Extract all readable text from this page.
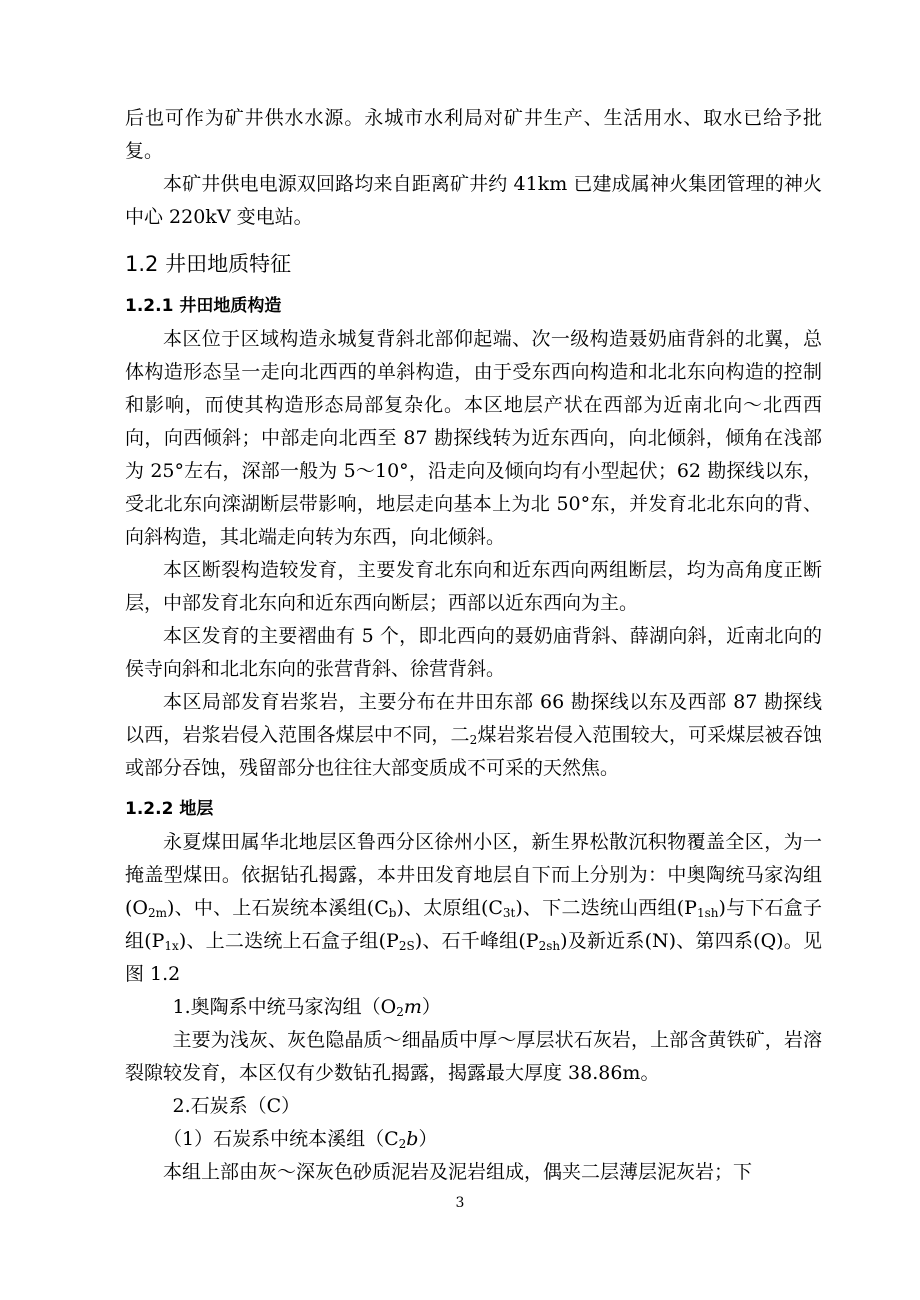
后也可作为矿井供水水源。永城市水利局对矿井生产、生活用水、取水已给予批复。

本矿井供电电源双回路均来自距离矿井约 41km 已建成属神火集团管理的神火中心 220kV 变电站。

1.2 井田地质特征
1.2.1 井田地质构造

本区位于区域构造永城复背斜北部仰起端、次一级构造聂奶庙背斜的北翼，总体构造形态呈一走向北西西的单斜构造，由于受东西向构造和北北东向构造的控制和影响，而使其构造形态局部复杂化。本区地层产状在西部为近南北向～北西西向，向西倾斜；中部走向北西至 87 勘探线转为近东西向，向北倾斜，倾角在浅部为 25°左右，深部一般为 5～10°，沿走向及倾向均有小型起伏；62 勘探线以东，受北北东向滦湖断层带影响，地层走向基本上为北 50°东，并发育北北东向的背、向斜构造，其北端走向转为东西，向北倾斜。

本区断裂构造较发育，主要发育北东向和近东西向两组断层，均为高角度正断层，中部发育北东向和近东西向断层；西部以近东西向为主。

本区发育的主要褶曲有 5 个，即北西向的聂奶庙背斜、薛湖向斜，近南北向的侯寺向斜和北北东向的张营背斜、徐营背斜。

本区局部发育岩浆岩，主要分布在井田东部 66 勘探线以东及西部 87 勘探线以西，岩浆岩侵入范围各煤层中不同，二$_2$煤岩浆岩侵入范围较大，可采煤层被吞蚀或部分吞蚀，残留部分也往往大部变质成不可采的天然焦。

1.2.2 地层

永夏煤田属华北地层区鲁西分区徐州小区，新生界松散沉积物覆盖全区，为一掩盖型煤田。依据钻孔揭露，本井田发育地层自下而上分别为：中奥陶统马家沟组$(O_{2m})$、中、上石炭统本溪组$(C_b)$、太原组$(C_{3t})$、下二迭统山西组$(P_{1sh})$与下石盒子组$(P_{1x})$、上二迭统上石盒子组$(P_{2S})$、石千峰组$(P_{2sh})$及新近系(N)、第四系(Q)。见图 1.2

1.奥陶系中统马家沟组$(O_2m)$

主要为浅灰、灰色隐晶质～细晶质中厚～厚层状石灰岩，上部含黄铁矿，岩溶裂隙较发育，本区仅有少数钻孔揭露，揭露最大厚度 38.86m。

2.石炭系（C）

（1）石炭系中统本溪组$(C_2b)$

本组上部由灰～深灰色砂质泥岩及泥岩组成，偶夹二层薄层泥灰岩；下

3
